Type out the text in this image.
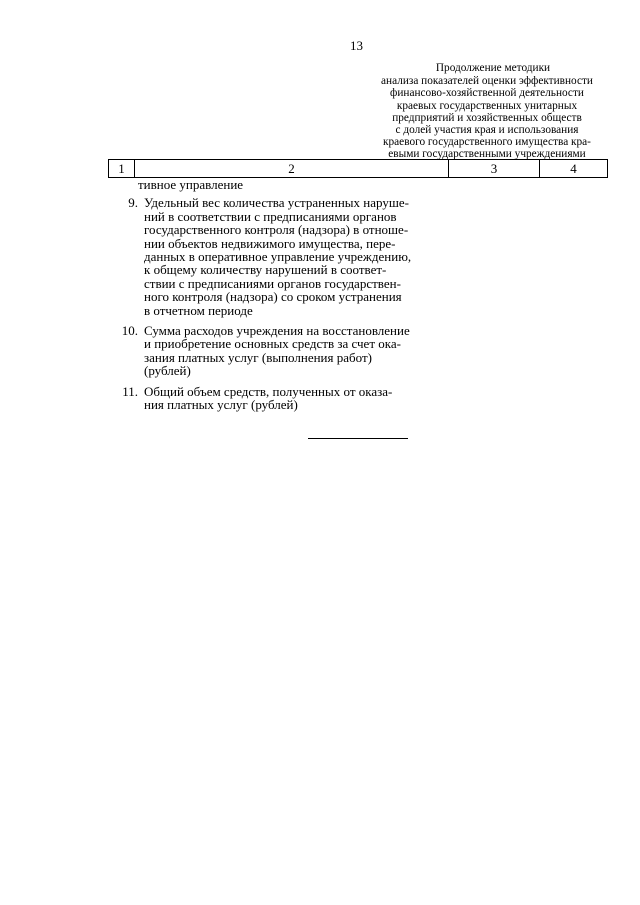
13
Продолжение методики
анализа показателей оценки эффективности
финансово-хозяйственной деятельности
краевых государственных унитарных
предприятий и хозяйственных обществ
с долей участия края и использования
краевого государственного имущества кра-
евыми государственными учреждениями
1	2	3	4
тивное управление
9. Удельный вес количества устраненных наруше-
ний в соответствии с предписаниями органов
государственного контроля (надзора) в отноше-
нии объектов недвижимого имущества, пере-
данных в оперативное управление учреждению,
к общему количеству нарушений в соответ-
ствии с предписаниями органов государствен-
ного контроля (надзора) со сроком устранения
в отчетном периоде
10. Сумма расходов учреждения на восстановление
и приобретение основных средств за счет ока-
зания платных услуг (выполнения работ)
(рублей)
11. Общий объем средств, полученных от оказа-
ния платных услуг (рублей)
